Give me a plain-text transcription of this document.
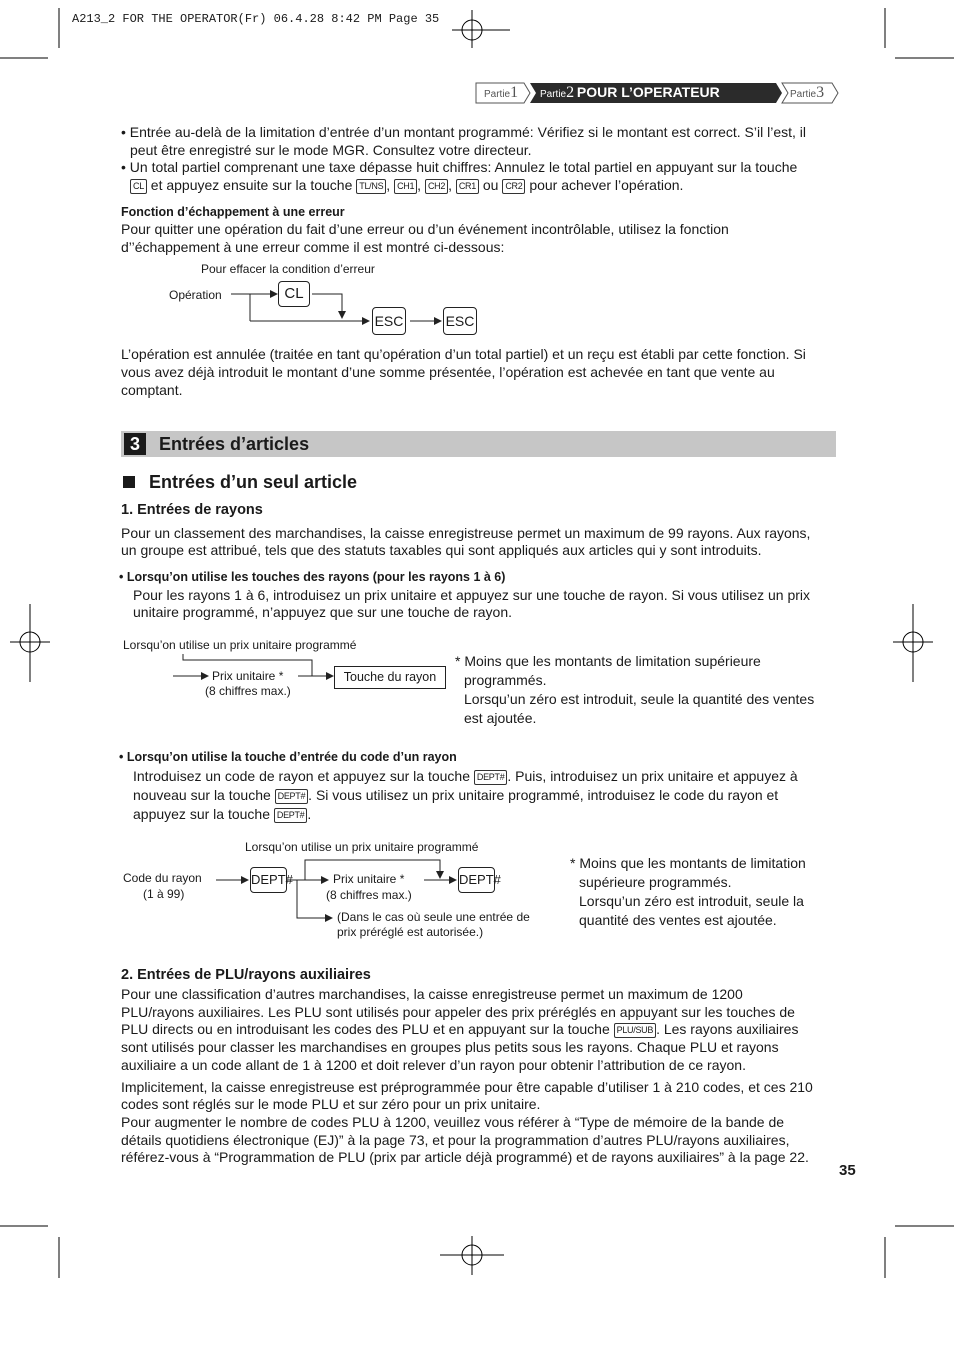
A213_2 FOR THE OPERATOR(Fr) 06.4.28 8:42 PM Page 35
Partie1 Partie2 POUR L’OPERATEUR	Partie3
• Entrée au-delà de la limitation d’entrée d’un montant programmé: Vérifiez si le montant est correct. S’il l’est, il
peut être enregistré sur le mode MGR. Consultez votre directeur.
• Un total partiel comprenant une taxe dépasse huit chiffres: Annulez le total partiel en appuyant sur la touche
CL et appuyez ensuite sur la touche TL/NS , CH1 , CH2 , CR1 ou CR2 pour achever l’opération.
Fonction d’échappement à une erreur
Pour quitter une opération du fait d’une erreur ou d’un événement incontrôlable, utilisez la fonction
d’’échappement à une erreur comme il est montré ci-dessous:
Pour effacer la condition d’erreur
Opération	CL
ESC	ESC
L’opération est annulée (traitée en tant qu’opération d’un total partiel) et un reçu est établi par cette fonction. Si
vous avez déjà introduit le montant d’une somme présentée, l’opération est achevée en tant que vente au
comptant.
3	Entrées d’articles
Entrées d’un seul article
1. Entrées de rayons
Pour un classement des marchandises, la caisse enregistreuse permet un maximum de 99 rayons. Aux rayons,
un groupe est attribué, tels que des statuts taxables qui sont appliqués aux articles qui y sont introduits.
• Lorsqu’on utilise les touches des rayons (pour les rayons 1 à 6)
Pour les rayons 1 à 6, introduisez un prix unitaire et appuyez sur une touche de rayon. Si vous utilisez un prix
unitaire programmé, n’appuyez que sur une touche de rayon.
Lorsqu’on utilise un prix unitaire programmé
Prix unitaire *
(8 chiffres max.)
Touche du rayon
* Moins que les montants de limitation supérieure
programmés.
Lorsqu’un zéro est introduit, seule la quantité des ventes
est ajoutée.
• Lorsqu’on utilise la touche d’entrée du code d’un rayon
Introduisez un code de rayon et appuyez sur la touche DEPT# . Puis, introduisez un prix unitaire et appuyez à
nouveau sur la touche DEPT# . Si vous utilisez un prix unitaire programmé, introduisez le code du rayon et
appuyez sur la touche DEPT# .
Lorsqu’on utilise un prix unitaire programmé
Code du rayon
(1 à 99)
DEPT#	Prix unitaire *
(8 chiffres max.)
DEPT#
(Dans le cas où seule une entrée de
prix préréglé est autorisée.)
* Moins que les montants de limitation
supérieure programmés.
Lorsqu’un zéro est introduit, seule la
quantité des ventes est ajoutée.
2. Entrées de PLU/rayons auxiliaires
Pour une classification d’autres marchandises, la caisse enregistreuse permet un maximum de 1200
PLU/rayons auxiliaires. Les PLU sont utilisés pour appeler des prix préréglés en appuyant sur les touches de
PLU directs ou en introduisant les codes des PLU et en appuyant sur la touche PLU/SUB . Les rayons auxiliaires
sont utilisés pour classer les marchandises en groupes plus petits sous les rayons. Chaque PLU et rayons
auxiliaire a un code allant de 1 à 1200 et doit relever d’un rayon pour obtenir l’attribution de ce rayon.
Implicitement, la caisse enregistreuse est préprogrammée pour être capable d’utiliser 1 à 210 codes, et ces 210
codes sont réglés sur le mode PLU et sur zéro pour un prix unitaire.
Pour augmenter le nombre de codes PLU à 1200, veuillez vous référer à “Type de mémoire de la bande de
détails quotidiens électronique (EJ)” à la page 73, et pour la programmation d’autres PLU/rayons auxiliaires,
référez-vous à “Programmation de PLU (prix par article déjà programmé) et de rayons auxiliaires” à la page 22.
35
